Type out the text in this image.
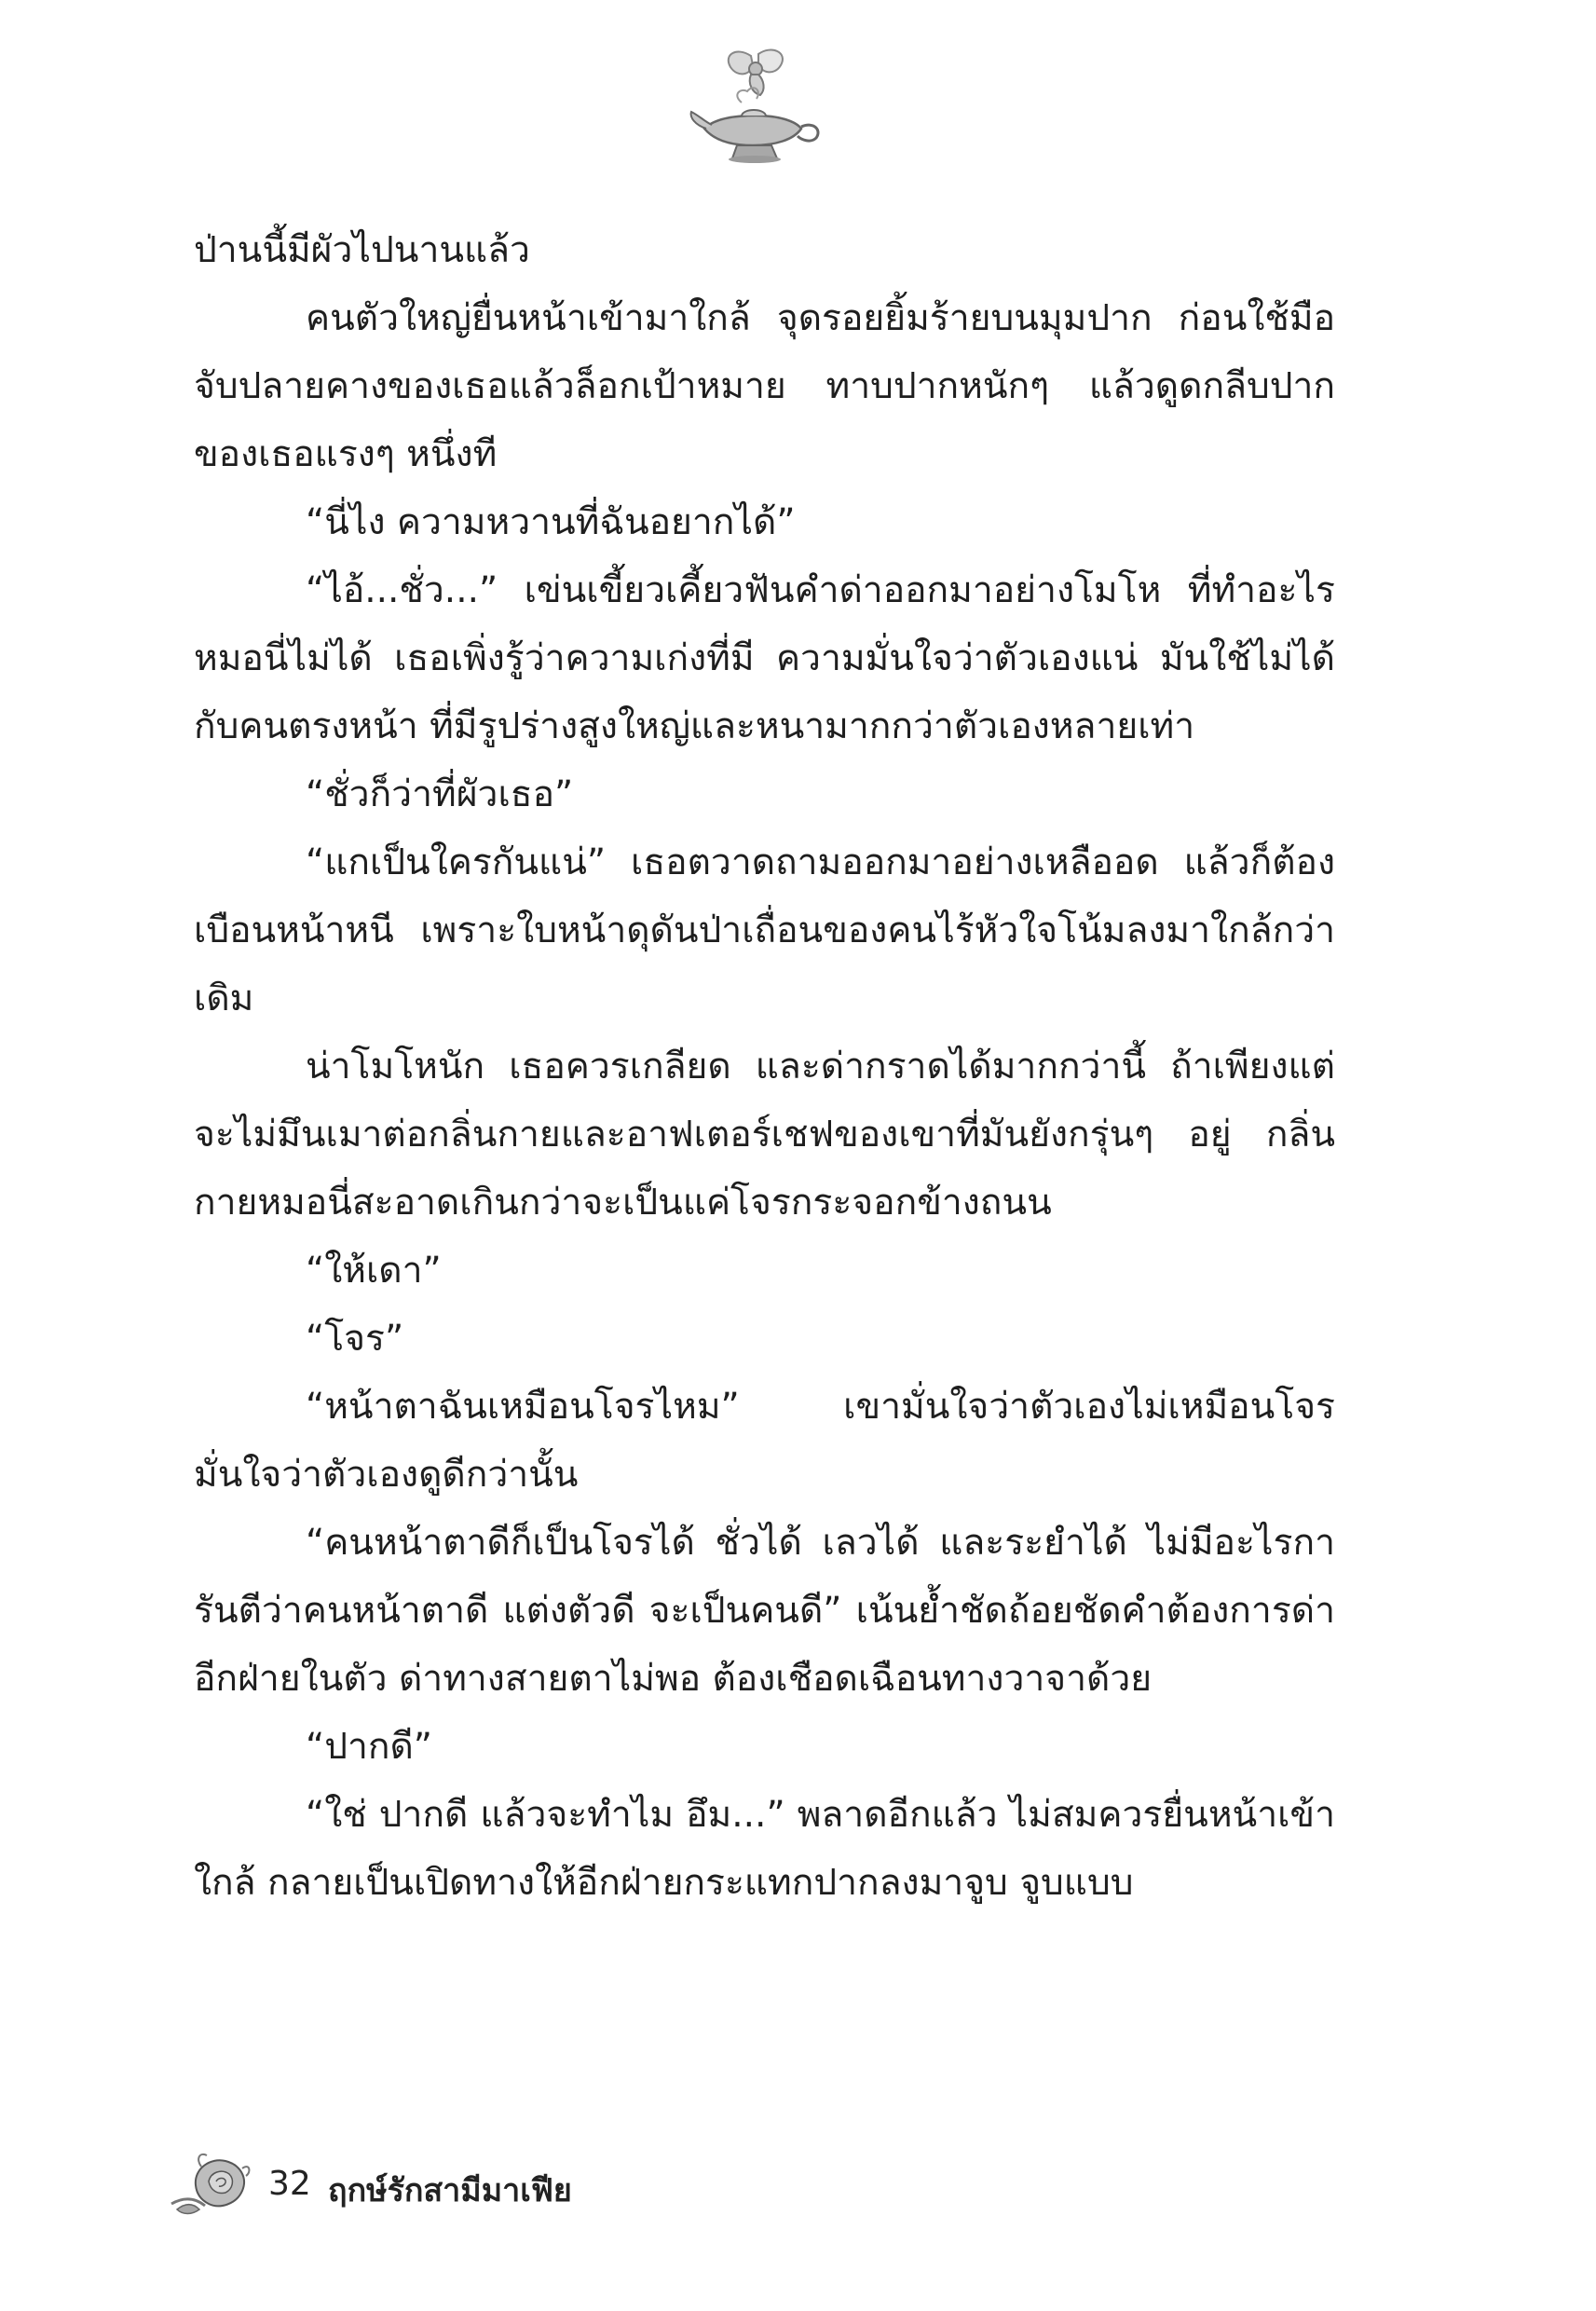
ป่านนี้มีผัวไปนานแล้ว

คนตัวใหญ่ยื่นหน้าเข้ามาใกล้ จุดรอยยิ้มร้ายบนมุมปาก ก่อนใช้มือจับปลายคางของเธอแล้วล็อกเป้าหมาย ทาบปากหนักๆ แล้วดูดกลีบปากของเธอแรงๆ หนึ่งที

“นี่ไง ความหวานที่ฉันอยากได้”

“ไอ้...ชั่ว...” เข่นเขี้ยวเคี้ยวฟันคำด่าออกมาอย่างโมโห ที่ทำอะไรหมอนี่ไม่ได้ เธอเพิ่งรู้ว่าความเก่งที่มี ความมั่นใจว่าตัวเองแน่ มันใช้ไม่ได้กับคนตรงหน้า ที่มีรูปร่างสูงใหญ่และหนามากกว่าตัวเองหลายเท่า

“ชั่วก็ว่าที่ผัวเธอ”

“แกเป็นใครกันแน่” เธอตวาดถามออกมาอย่างเหลืออด แล้วก็ต้องเบือนหน้าหนี เพราะใบหน้าดุดันป่าเถื่อนของคนไร้หัวใจโน้มลงมาใกล้กว่าเดิม

น่าโมโหนัก เธอควรเกลียด และด่ากราดได้มากกว่านี้ ถ้าเพียงแต่จะไม่มึนเมาต่อกลิ่นกายและอาฟเตอร์เชฟของเขาที่มันยังกรุ่นๆ อยู่ กลิ่นกายหมอนี่สะอาดเกินกว่าจะเป็นแค่โจรกระจอกข้างถนน

“ให้เดา”

“โจร”

“หน้าตาฉันเหมือนโจรไหม” เขามั่นใจว่าตัวเองไม่เหมือนโจร มั่นใจว่าตัวเองดูดีกว่านั้น

“คนหน้าตาดีก็เป็นโจรได้ ชั่วได้ เลวได้ และระยำได้ ไม่มีอะไรการันตีว่าคนหน้าตาดี แต่งตัวดี จะเป็นคนดี” เน้นย้ำชัดถ้อยชัดคำต้องการด่าอีกฝ่ายในตัว ด่าทางสายตาไม่พอ ต้องเชือดเฉือนทางวาจาด้วย

“ปากดี”

“ใช่ ปากดี แล้วจะทำไม อึม...” พลาดอีกแล้ว ไม่สมควรยื่นหน้าเข้าใกล้ กลายเป็นเปิดทางให้อีกฝ่ายกระแทกปากลงมาจูบ จูบแบบ

32 ฤกษ์รักสามีมาเฟีย
